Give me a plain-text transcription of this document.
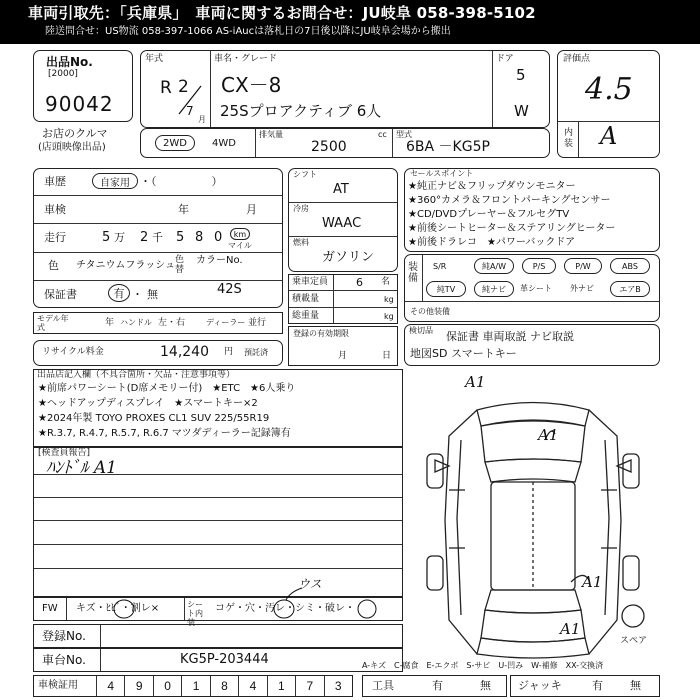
車両引取先：「兵庫県」　車両に関するお問合せ：JU岐阜 058-398-5102
陸送問合せ：US物流 058-397-1066 AS-iAucは落札日の7日後以降にJU岐阜会場から搬出
出品No.
[2000]
90042
お店のクルマ
(店頭映像出品)
年式
R 2
7
月
車名・グレード
CX－8
25Sプロアクティブ 6人
ドア
5
W
評価点
4.5
内装 A
2WD	4WD
排気量	cc
2500
型式
6BA －KG5P
車歴	自家用 ・（　　　　　）
車検	年	月
走行	5 万 2 千 5 8 0 km
マイル
色 チタニウムフラッシュ 色替
カラーNo.
保証書	有 ・ 無	42S
モデル年式	年 ハンドル 左・右	ディーラー 並行
リサイクル料金	14,240 円 預託済
シフト
AT
冷房
WAAC
燃料
ガソリン
乗車定員	6 名
積載量	kg
総重量	kg
登録の有効期限
月	日
セールスポイント
★純正ナビ＆フリップダウンモニター
★360°カメラ＆フロントパーキングセンサー
★CD/DVDプレーヤー＆フルセグTV
★前後シートヒーター＆ステアリングヒーター
★前後ドラレコ　★パワーバックドア
装備
S/R	純A/W	P/S	P/W	ABS
純TV	純ナビ 革シート 外ナビ	エアB
その他装備
検切品 保証書 車両取説 ナビ取説
地図SD スマートキー
出品店記入欄（不具合箇所・欠品・注意事項等）
★前席パワーシート(D席メモリー付)　★ETC　★6人乗り
★ヘッドアップディスプレイ　★スマートキー×2
★2024年製 TOYO PROXES CL1 SUV 225/55R19
★R.3.7, R.4.7, R.5.7, R.6.7 マツダディーラー記録簿有
[検査員報告]
ﾊﾝﾄﾞﾙ A1
FW キズ・ﾋﾋﾞ・割レ×	シート内装
コゲ・穴・汚レ・シミ・破レ・
ウス
登録No.
車台No.	KG5P-203444
車検証用	4	9	0	1	8	4	1	7	3
A-キズ　C-腐食　E-エクボ　S-サビ　U-凹み　W-補修　XX-交換済
工具	有	無 ジャッキ	有 無
A1
A1
A1
A1
スペア
